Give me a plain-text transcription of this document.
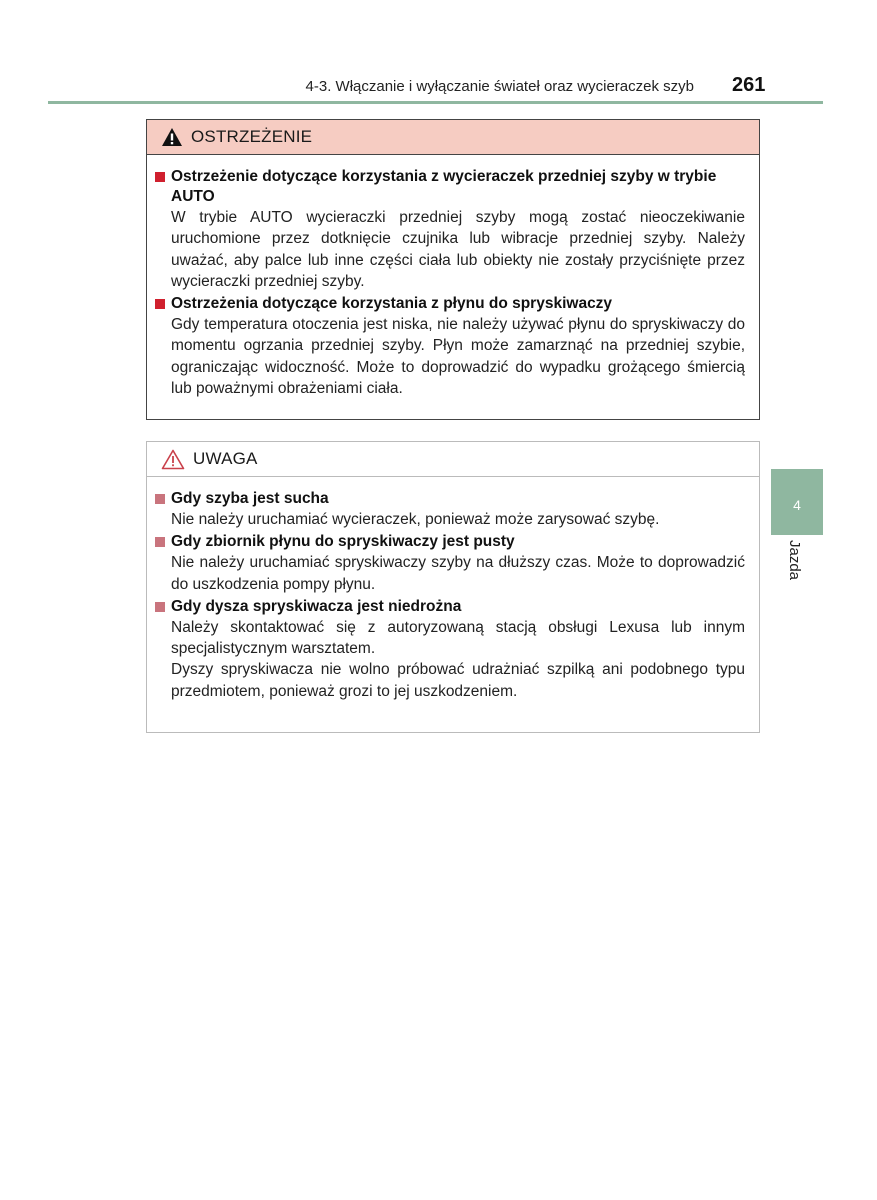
4-3. Włączanie i wyłączanie świateł oraz wycieraczek szyb 261
OSTRZEŻENIE
Ostrzeżenie dotyczące korzystania z wycieraczek przedniej szyby w trybie AUTO

W trybie AUTO wycieraczki przedniej szyby mogą zostać nieoczekiwanie uruchomione przez dotknięcie czujnika lub wibracje przedniej szyby. Należy uważać, aby palce lub inne części ciała lub obiekty nie zostały przyciśnięte przez wycieraczki przedniej szyby.

Ostrzeżenia dotyczące korzystania z płynu do spryskiwaczy

Gdy temperatura otoczenia jest niska, nie należy używać płynu do spryskiwaczy do momentu ogrzania przedniej szyby. Płyn może zamarznąć na przedniej szybie, ograniczając widoczność. Może to doprowadzić do wypadku grożącego śmiercią lub poważnymi obrażeniami ciała.

UWAGA
Gdy szyba jest sucha

Nie należy uruchamiać wycieraczek, ponieważ może zarysować szybę.

Gdy zbiornik płynu do spryskiwaczy jest pusty

Nie należy uruchamiać spryskiwaczy szyby na dłuższy czas. Może to doprowadzić do uszkodzenia pompy płynu.

Gdy dysza spryskiwacza jest niedrożna

Należy skontaktować się z autoryzowaną stacją obsługi Lexusa lub innym specjalistycznym warsztatem.

Dyszy spryskiwacza nie wolno próbować udrażniać szpilką ani podobnego typu przedmiotem, ponieważ grozi to jej uszkodzeniem.

4
Jazda
